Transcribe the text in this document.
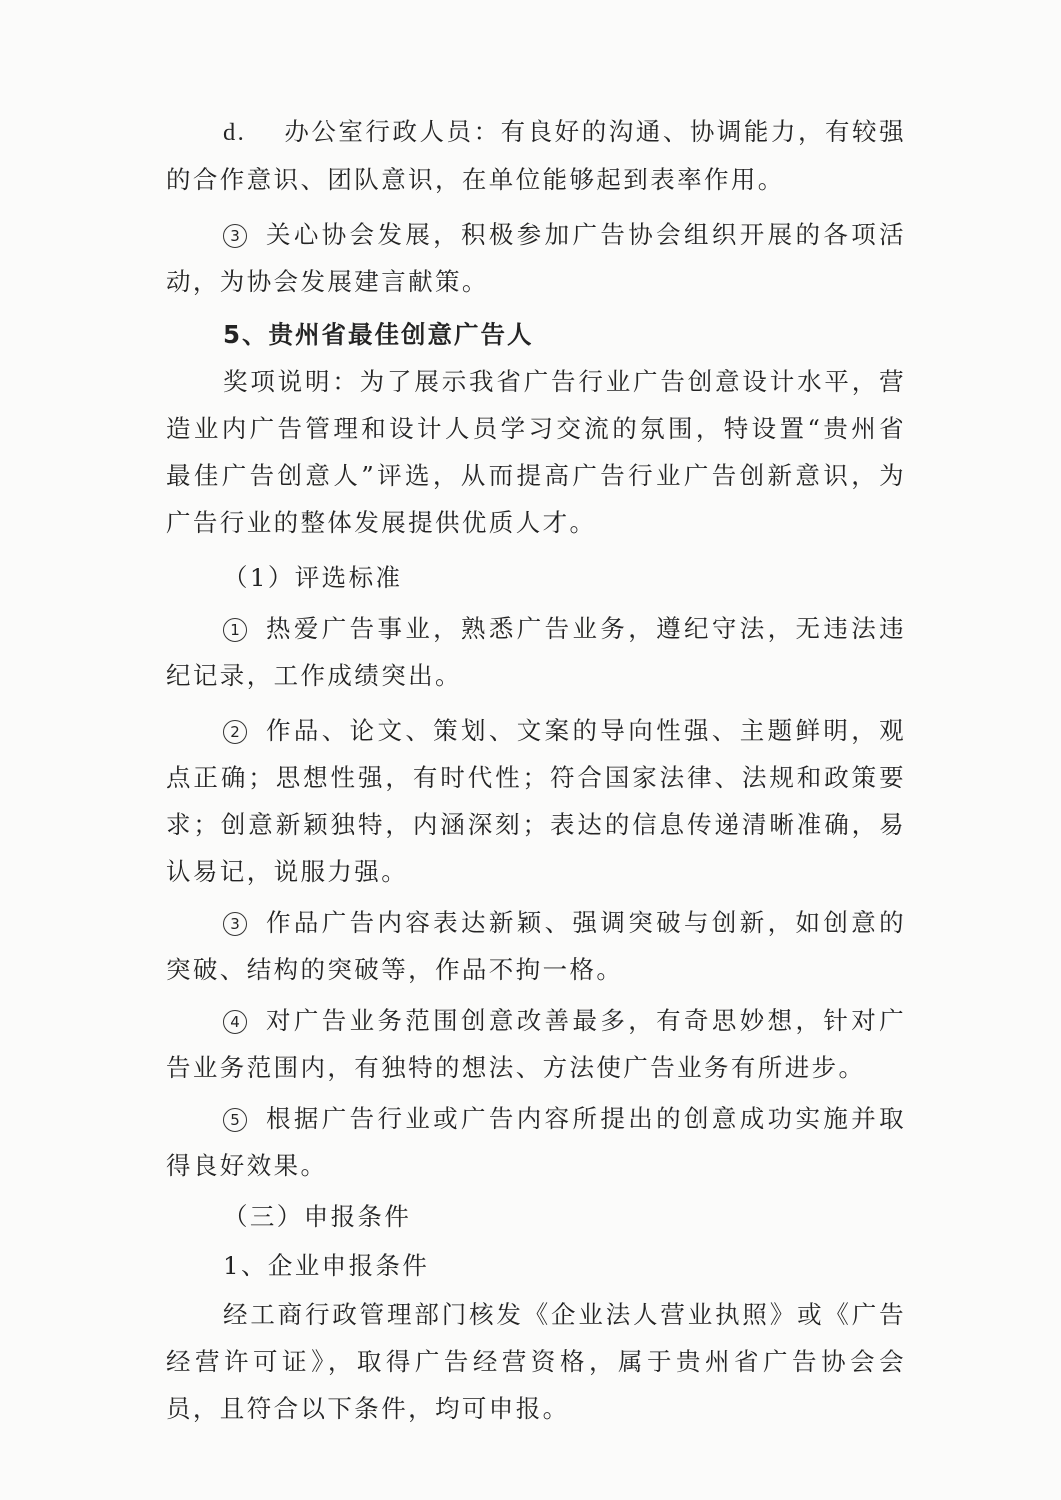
d. 办公室行政人员：有良好的沟通、协调能力，有较强的合作意识、团队意识，在单位能够起到表率作用。

3 关心协会发展，积极参加广告协会组织开展的各项活动，为协会发展建言献策。

5、贵州省最佳创意广告人

奖项说明：为了展示我省广告行业广告创意设计水平，营造业内广告管理和设计人员学习交流的氛围，特设置“贵州省最佳广告创意人”评选，从而提高广告行业广告创新意识，为广告行业的整体发展提供优质人才。

（1）评选标准

1 热爱广告事业，熟悉广告业务，遵纪守法，无违法违纪记录，工作成绩突出。

2 作品、论文、策划、文案的导向性强、主题鲜明，观点正确；思想性强，有时代性；符合国家法律、法规和政策要求；创意新颖独特，内涵深刻；表达的信息传递清晰准确，易认易记，说服力强。

3 作品广告内容表达新颖、强调突破与创新，如创意的突破、结构的突破等，作品不拘一格。

4 对广告业务范围创意改善最多，有奇思妙想，针对广告业务范围内，有独特的想法、方法使广告业务有所进步。

5 根据广告行业或广告内容所提出的创意成功实施并取得良好效果。

（三）申报条件

1、企业申报条件

经工商行政管理部门核发《企业法人营业执照》或《广告经营许可证》，取得广告经营资格，属于贵州省广告协会会员，且符合以下条件，均可申报。
